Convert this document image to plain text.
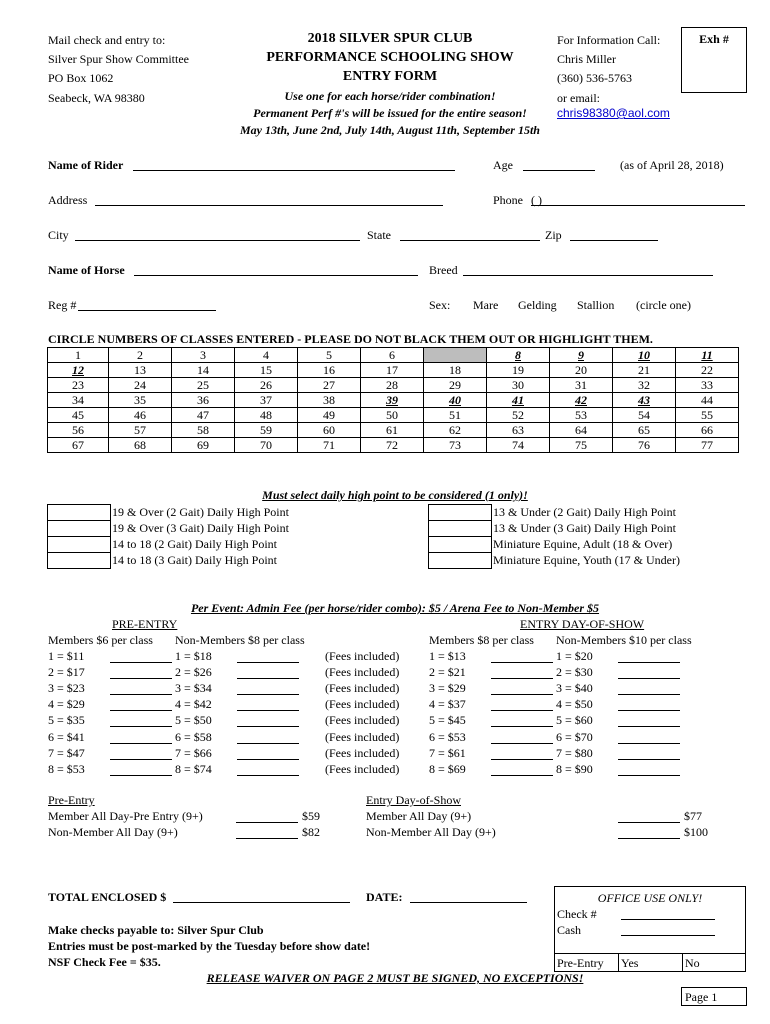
Mail check and entry to:
Silver Spur Show Committee
PO Box 1062
Seabeck, WA 98380
2018 SILVER SPUR CLUB
PERFORMANCE SCHOOLING SHOW
ENTRY FORM
Use one for each horse/rider combination!
Permanent Perf #'s will be issued for the entire season!
May 13th, June 2nd, July 14th, August 11th, September 15th
For Information Call:
Chris Miller
(360) 536-5763
or email:
chris98380@aol.com
Exh #
Name of Rider	Age	(as of April 28, 2018)
Address	Phone ( )
City	State	Zip
Name of Horse	Breed
Reg #	Sex: Mare Gelding Stallion (circle one)
CIRCLE NUMBERS OF CLASSES ENTERED - PLEASE DO NOT BLACK THEM OUT OR HIGHLIGHT THEM.
1	2	3	4	5	6		8	9	10	11
12	13	14	15	16	17	18	19	20	21	22
23	24	25	26	27	28	29	30	31	32	33
34	35	36	37	38	39	40	41	42	43	44
45	46	47	48	49	50	51	52	53	54	55
56	57	58	59	60	61	62	63	64	65	66
67	68	69	70	71	72	73	74	75	76	77
Must select daily high point to be considered (1 only)!
19 & Over (2 Gait) Daily High Point
19 & Over (3 Gait) Daily High Point
14 to 18 (2 Gait) Daily High Point
14 to 18 (3 Gait) Daily High Point
13 & Under (2 Gait) Daily High Point
13 & Under (3 Gait) Daily High Point
Miniature Equine, Adult (18 & Over)
Miniature Equine, Youth (17 & Under)
Per Event: Admin Fee (per horse/rider combo): $5 / Arena Fee to Non-Member $5
PRE-ENTRY	ENTRY DAY-OF-SHOW
Members $6 per class Non-Members $8 per class	Members $8 per class Non-Members $10 per class
1 = $11	1 = $18	(Fees included) 1 = $13	1 = $20
2 = $17	2 = $26	(Fees included) 2 = $21	2 = $30
3 = $23	3 = $34	(Fees included) 3 = $29	3 = $40
4 = $29	4 = $42	(Fees included) 4 = $37	4 = $50
5 = $35	5 = $50	(Fees included) 5 = $45	5 = $60
6 = $41	6 = $58	(Fees included) 6 = $53	6 = $70
7 = $47	7 = $66	(Fees included) 7 = $61	7 = $80
8 = $53	8 = $74	(Fees included) 8 = $69	8 = $90
Pre-Entry
Member All Day-Pre Entry (9+)	$59
Non-Member All Day (9+)	$82
Entry Day-of-Show
Member All Day (9+)	$77
Non-Member All Day (9+)	$100
TOTAL ENCLOSED $	DATE:
Make checks payable to: Silver Spur Club
Entries must be post-marked by the Tuesday before show date!
NSF Check Fee = $35.
RELEASE WAIVER ON PAGE 2 MUST BE SIGNED, NO EXCEPTIONS!
OFFICE USE ONLY!
Check #
Cash
Pre-Entry Yes	No
Page 1
